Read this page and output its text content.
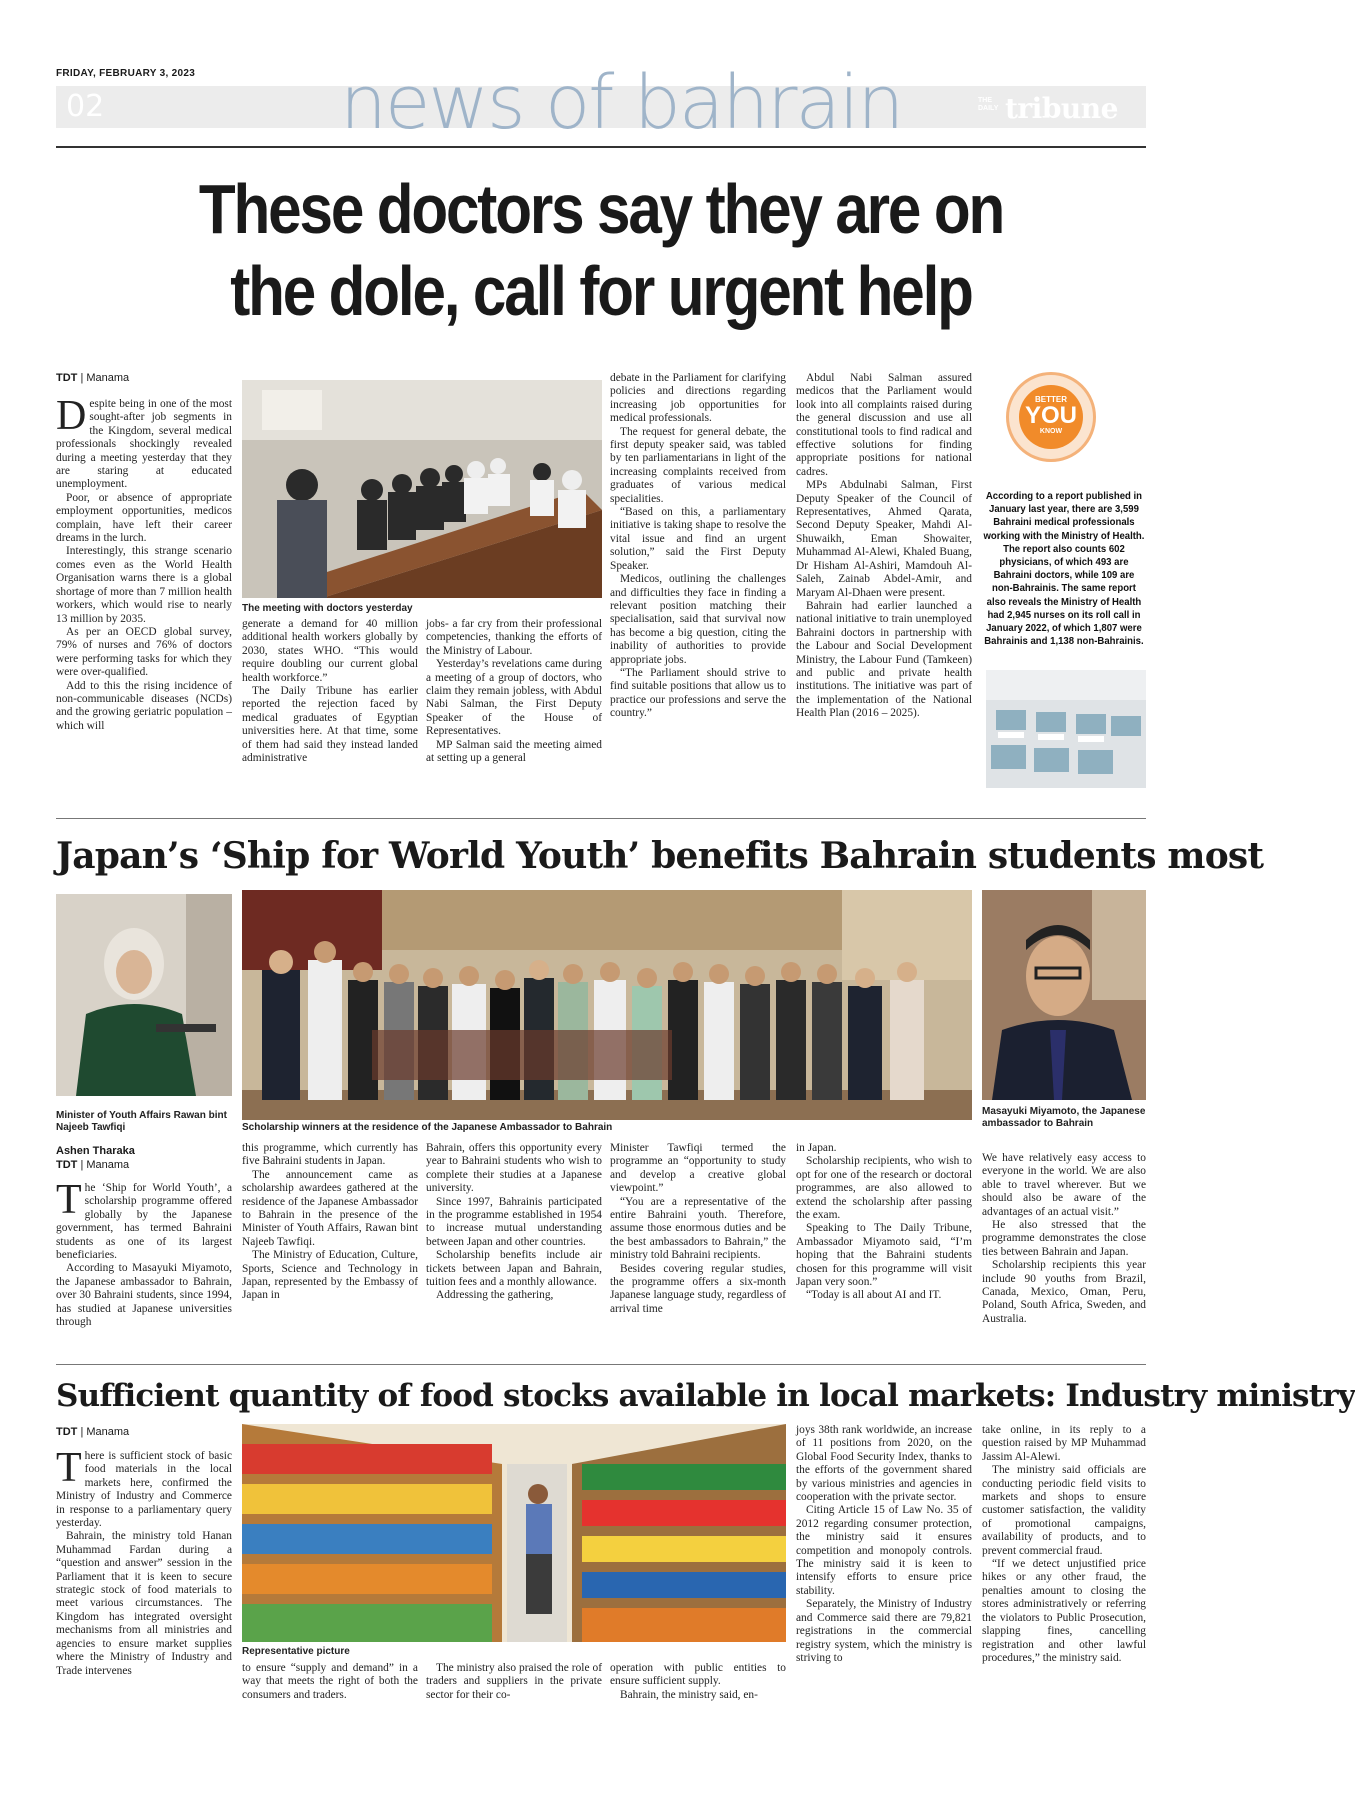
FRIDAY, FEBRUARY 3, 2023
02	news of bahrain	THE DAILY tribune
These doctors say they are on
the dole, call for urgent help
TDT | Manama

Despite being in one of the most sought-after job segments in the Kingdom, several medical professionals shockingly revealed during a meeting yesterday that they are staring at educated unemployment.

Poor, or absence of appropriate employment opportunities, medicos complain, have left their career dreams in the lurch.

Interestingly, this strange scenario comes even as the World Health Organisation warns there is a global shortage of more than 7 million health workers, which would rise to nearly 13 million by 2035.

As per an OECD global survey, 79% of nurses and 76% of doctors were performing tasks for which they were over-qualified.

Add to this the rising incidence of non-communicable diseases (NCDs) and the growing geriatric population – which will

The meeting with doctors yesterday

generate a demand for 40 million additional health workers globally by 2030, states WHO. “This would require doubling our current global health workforce.”

The Daily Tribune has earlier reported the rejection faced by medical graduates of Egyptian universities here. At that time, some of them had said they instead landed administrative

jobs- a far cry from their professional competencies, thanking the efforts of the Ministry of Labour.

Yesterday’s revelations came during a meeting of a group of doctors, who claim they remain jobless, with Abdul Nabi Salman, the First Deputy Speaker of the House of Representatives.

MP Salman said the meeting aimed at setting up a general

debate in the Parliament for clarifying policies and directions regarding increasing job opportunities for medical professionals.

The request for general debate, the first deputy speaker said, was tabled by ten parliamentarians in light of the increasing complaints received from graduates of various medical specialities.

“Based on this, a parliamentary initiative is taking shape to resolve the vital issue and find an urgent solution,” said the First Deputy Speaker.

Medicos, outlining the challenges and difficulties they face in finding a relevant position matching their specialisation, said that survival now has become a big question, citing the inability of authorities to provide appropriate jobs.

“The Parliament should strive to find suitable positions that allow us to practice our professions and serve the country.”

Abdul Nabi Salman assured medicos that the Parliament would look into all complaints raised during the general discussion and use all constitutional tools to find radical and effective solutions for finding appropriate positions for national cadres.

MPs Abdulnabi Salman, First Deputy Speaker of the Council of Representatives, Ahmed Qarata, Second Deputy Speaker, Mahdi Al-Shuwaikh, Eman Showaiter, Muhammad Al-Alewi, Khaled Buang, Dr Hisham Al-Ashiri, Mamdouh Al-Saleh, Zainab Abdel-Amir, and Maryam Al-Dhaen were present.

Bahrain had earlier launched a national initiative to train unemployed Bahraini doctors in partnership with the Labour and Social Development Ministry, the Labour Fund (Tamkeen) and public and private health institutions. The initiative was part of the implementation of the National Health Plan (2016 – 2025).

BETTER
YOU
KNOW
According to a report published in January last year, there are 3,599 Bahraini medical professionals working with the Ministry of Health. The report also counts 602 physicians, of which 493 are Bahraini doctors, while 109 are non-Bahrainis. The same report also reveals the Ministry of Health had 2,945 nurses on its roll call in January 2022, of which 1,807 were Bahrainis and 1,138 non-Bahrainis.
Japan’s ‘Ship for World Youth’ benefits Bahrain students most
Minister of Youth Affairs Rawan bint Najeeb Tawfiqi	Scholarship winners at the residence of the Japanese Ambassador to Bahrain
Masayuki Miyamoto, the Japanese ambassador to Bahrain
Ashen Tharaka
TDT | Manama

The ‘Ship for World Youth’, a scholarship programme offered globally by the Japanese government, has termed Bahraini students as one of its largest beneficiaries.

According to Masayuki Miyamoto, the Japanese ambassador to Bahrain, over 30 Bahraini students, since 1994, has studied at Japanese universities through

this programme, which currently has five Bahraini students in Japan.

The announcement came as scholarship awardees gathered at the residence of the Japanese Ambassador to Bahrain in the presence of the Minister of Youth Affairs, Rawan bint Najeeb Tawfiqi.

The Ministry of Education, Culture, Sports, Science and Technology in Japan, represented by the Embassy of Japan in

Bahrain, offers this opportunity every year to Bahraini students who wish to complete their studies at a Japanese university.

Since 1997, Bahrainis participated in the programme established in 1954 to increase mutual understanding between Japan and other countries.

Scholarship benefits include air tickets between Japan and Bahrain, tuition fees and a monthly allowance.

Addressing the gathering,

Minister Tawfiqi termed the programme an “opportunity to study and develop a creative global viewpoint.”

“You are a representative of the entire Bahraini youth. Therefore, assume those enormous duties and be the best ambassadors to Bahrain,” the ministry told Bahraini recipients.

Besides covering regular studies, the programme offers a six-month Japanese language study, regardless of arrival time

in Japan.

Scholarship recipients, who wish to opt for one of the research or doctoral programmes, are also allowed to extend the scholarship after passing the exam.

Speaking to The Daily Tribune, Ambassador Miyamoto said, “I’m hoping that the Bahraini students chosen for this programme will visit Japan very soon.”

“Today is all about AI and IT.

We have relatively easy access to everyone in the world. We are also able to travel wherever. But we should also be aware of the advantages of an actual visit.”

He also stressed that the programme demonstrates the close ties between Bahrain and Japan.

Scholarship recipients this year include 90 youths from Brazil, Canada, Mexico, Oman, Peru, Poland, South Africa, Sweden, and Australia.

Sufficient quantity of food stocks available in local markets: Industry ministry
TDT | Manama

There is sufficient stock of basic food materials in the local markets here, confirmed the Ministry of Industry and Commerce in response to a parliamentary query yesterday.

Bahrain, the ministry told Hanan Muhammad Fardan during a “question and answer” session in the Parliament that it is keen to secure strategic stock of food materials to meet various circumstances. The Kingdom has integrated oversight mechanisms from all ministries and agencies to ensure market supplies where the Ministry of Industry and Trade intervenes

Representative picture

to ensure “supply and demand” in a way that meets the right of both the consumers and traders.

The ministry also praised the role of traders and suppliers in the private sector for their co-

operation with public entities to ensure sufficient supply.

Bahrain, the ministry said, en-

joys 38th rank worldwide, an increase of 11 positions from 2020, on the Global Food Security Index, thanks to the efforts of the government shared by various ministries and agencies in cooperation with the private sector.

Citing Article 15 of Law No. 35 of 2012 regarding consumer protection, the ministry said it ensures competition and monopoly controls. The ministry said it is keen to intensify efforts to ensure price stability.

Separately, the Ministry of Industry and Commerce said there are 79,821 registrations in the commercial registry system, which the ministry is striving to

take online, in its reply to a question raised by MP Muhammad Jassim Al-Alewi.

The ministry said officials are conducting periodic field visits to markets and shops to ensure customer satisfaction, the validity of promotional campaigns, availability of products, and to prevent commercial fraud.

“If we detect unjustified price hikes or any other fraud, the penalties amount to closing the stores administratively or referring the violators to Public Prosecution, slapping fines, cancelling registration and other lawful procedures,” the ministry said.
